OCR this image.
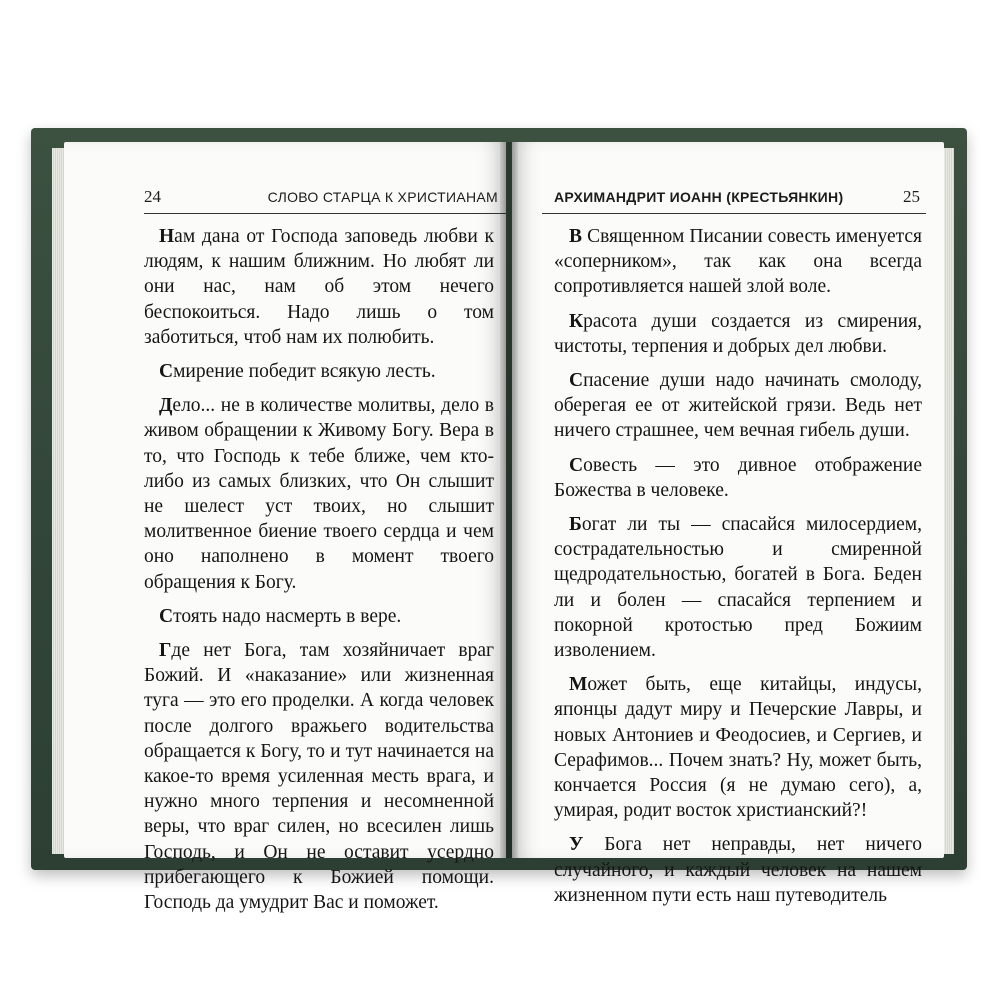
24	СЛОВО СТАРЦА К ХРИСТИАНАМ

Нам дана от Господа заповедь любви к людям, к нашим ближним. Но любят ли они нас, нам об этом нечего беспокоиться. Надо лишь о том заботиться, чтоб нам их полюбить.

Смирение победит всякую лесть.

Дело... не в количестве молитвы, дело в живом обращении к Живому Богу. Вера в то, что Господь к тебе ближе, чем кто-либо из самых близких, что Он слышит не шелест уст твоих, но слышит молитвенное биение твоего сердца и чем оно наполнено в момент твоего обращения к Богу.

Стоять надо насмерть в вере.

Где нет Бога, там хозяйничает враг Божий. И «наказание» или жизненная туга — это его проделки. А когда человек после долгого вражьего водительства обращается к Богу, то и тут начинается на какое-то время усиленная месть врага, и нужно много терпения и несомненной веры, что враг силен, но всесилен лишь Господь, и Он не оставит усердно прибегающего к Божией помощи. Господь да умудрит Вас и поможет.

АРХИМАНДРИТ ИОАНН (КРЕСТЬЯНКИН)	25

В Священном Писании совесть именуется «соперником», так как она всегда сопротивляется нашей злой воле.

Красота души создается из смирения, чистоты, терпения и добрых дел любви.

Спасение души надо начинать смолоду, оберегая ее от житейской грязи. Ведь нет ничего страшнее, чем вечная гибель души.

Совесть — это дивное отображение Божества в человеке.

Богат ли ты — спасайся милосердием, сострадательностью и смиренной щедродательностью, богатей в Бога. Беден ли и болен — спасайся терпением и покорной кротостью пред Божиим изволением.

Может быть, еще китайцы, индусы, японцы дадут миру и Печерские Лавры, и новых Антониев и Феодосиев, и Сергиев, и Серафимов... Почем знать? Ну, может быть, кончается Россия (я не думаю сего), а, умирая, родит восток христианский?!

У Бога нет неправды, нет ничего случайного, и каждый человек на нашем жизненном пути есть наш путеводитель
